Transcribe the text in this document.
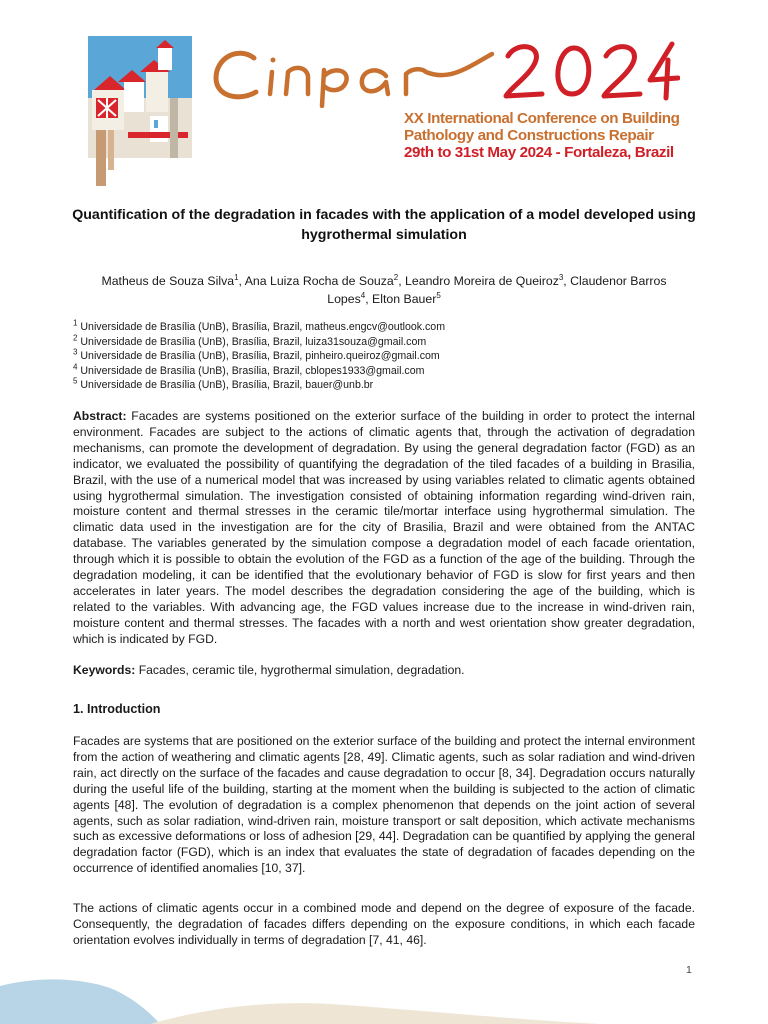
Cinpar2024
XX International Conference on Building
Pathology and Constructions Repair
29th to 31st May 2024 - Fortaleza, Brazil
Quantification of the degradation in facades with the application of a model developed using hygrothermal simulation
Matheus de Souza Silva$^1$, Ana Luiza Rocha de Souza$^2$, Leandro Moreira de Queiroz$^3$, Claudenor Barros Lopes$^4$, Elton Bauer$^5$
$^1$ Universidade de Brasília (UnB), Brasília, Brazil, matheus.engcv@outlook.com
$^2$ Universidade de Brasília (UnB), Brasília, Brazil, luiza31souza@gmail.com
$^3$ Universidade de Brasília (UnB), Brasília, Brazil, pinheiro.queiroz@gmail.com
$^4$ Universidade de Brasília (UnB), Brasília, Brazil, cblopes1933@gmail.com
$^5$ Universidade de Brasília (UnB), Brasília, Brazil, bauer@unb.br
Abstract: Facades are systems positioned on the exterior surface of the building in order to protect the internal environment. Facades are subject to the actions of climatic agents that, through the activation of degradation mechanisms, can promote the development of degradation. By using the general degradation factor (FGD) as an indicator, we evaluated the possibility of quantifying the degradation of the tiled facades of a building in Brasilia, Brazil, with the use of a numerical model that was increased by using variables related to climatic agents obtained using hygrothermal simulation. The investigation consisted of obtaining information regarding wind-driven rain, moisture content and thermal stresses in the ceramic tile/mortar interface using hygrothermal simulation. The climatic data used in the investigation are for the city of Brasilia, Brazil and were obtained from the ANTAC database. The variables generated by the simulation compose a degradation model of each facade orientation, through which it is possible to obtain the evolution of the FGD as a function of the age of the building. Through the degradation modeling, it can be identified that the evolutionary behavior of FGD is slow for first years and then accelerates in later years. The model describes the degradation considering the age of the building, which is related to the variables. With advancing age, the FGD values increase due to the increase in wind-driven rain, moisture content and thermal stresses. The facades with a north and west orientation show greater degradation, which is indicated by FGD.
Keywords: Facades, ceramic tile, hygrothermal simulation, degradation.
1. Introduction
Facades are systems that are positioned on the exterior surface of the building and protect the internal environment from the action of weathering and climatic agents [28, 49]. Climatic agents, such as solar radiation and wind-driven rain, act directly on the surface of the facades and cause degradation to occur [8, 34]. Degradation occurs naturally during the useful life of the building, starting at the moment when the building is subjected to the action of climatic agents [48]. The evolution of degradation is a complex phenomenon that depends on the joint action of several agents, such as solar radiation, wind-driven rain, moisture transport or salt deposition, which activate mechanisms such as excessive deformations or loss of adhesion [29, 44]. Degradation can be quantified by applying the general degradation factor (FGD), which is an index that evaluates the state of degradation of facades depending on the occurrence of identified anomalies [10, 37].
The actions of climatic agents occur in a combined mode and depend on the degree of exposure of the facade. Consequently, the degradation of facades differs depending on the exposure conditions, in which each facade orientation evolves individually in terms of degradation [7, 41, 46].
1
